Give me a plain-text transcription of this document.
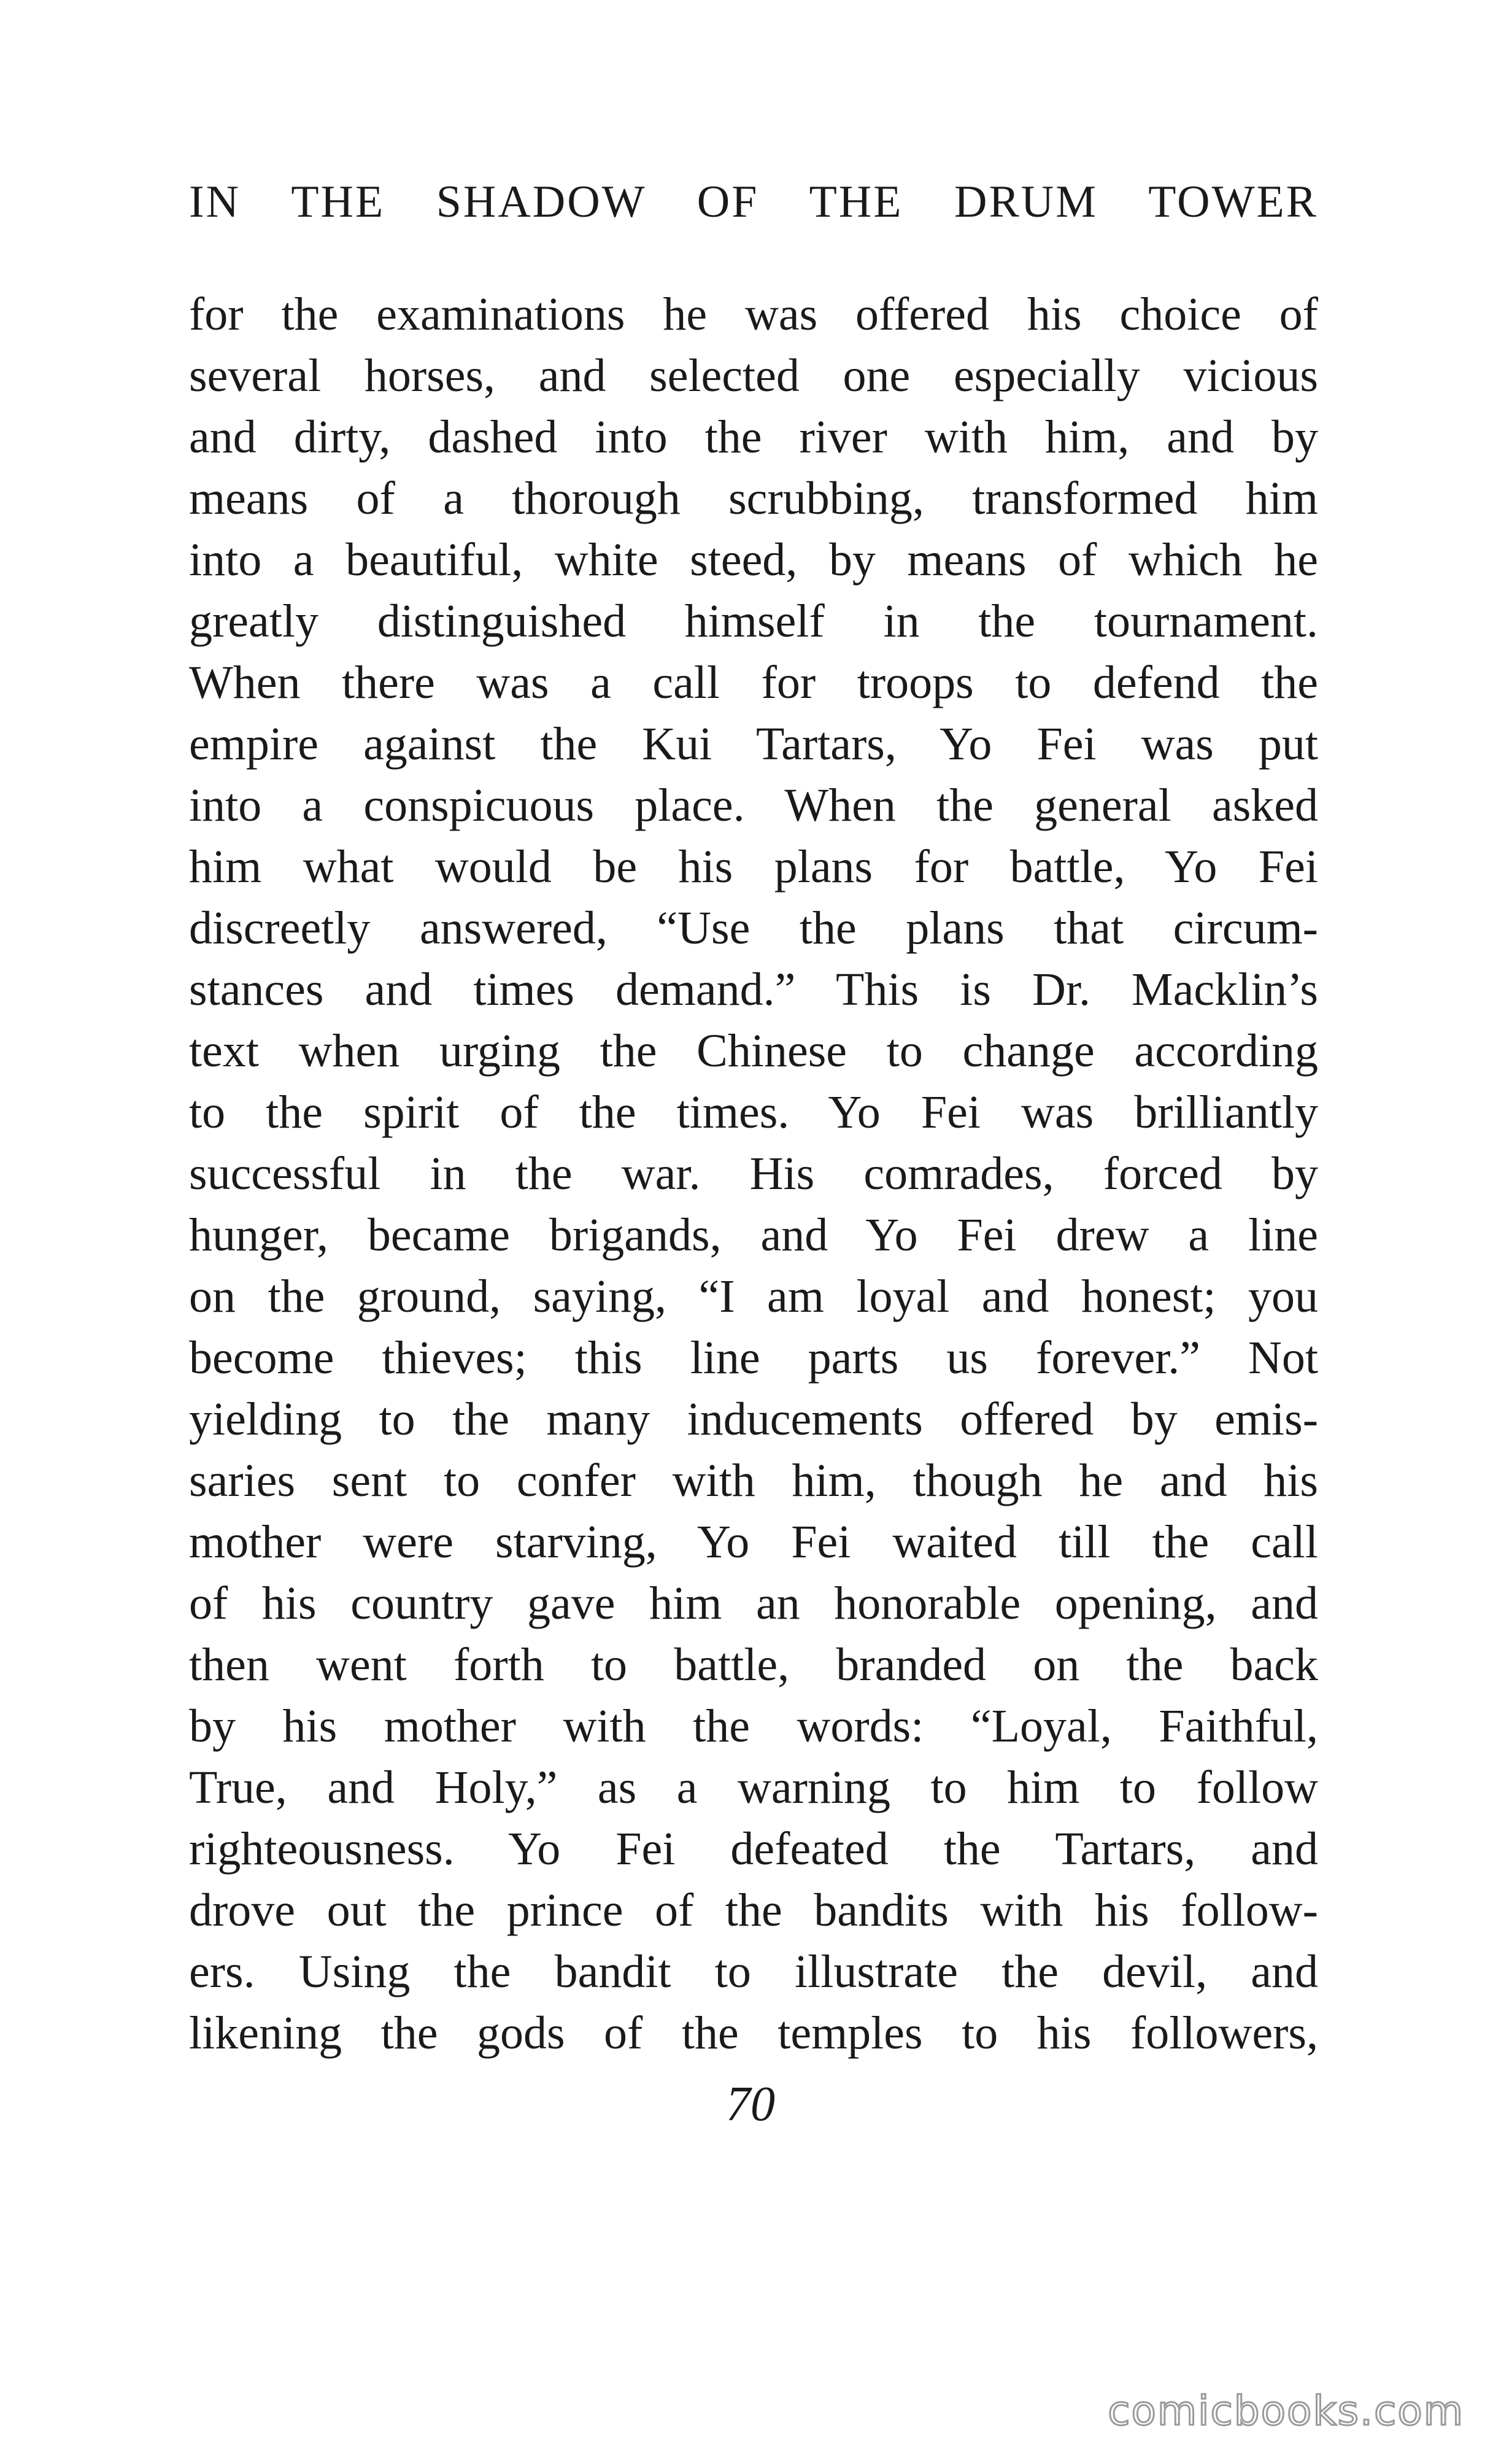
IN THE SHADOW OF THE DRUM TOWER
for the examinations he was offered his choice of
several horses, and selected one especially vicious
and dirty, dashed into the river with him, and by
means of a thorough scrubbing, transformed him
into a beautiful, white steed, by means of which he
greatly distinguished himself in the tournament.
When there was a call for troops to defend the
empire against the Kui Tartars, Yo Fei was put
into a conspicuous place. When the general asked
him what would be his plans for battle, Yo Fei
discreetly answered, “Use the plans that circum-
stances and times demand.” This is Dr. Macklin’s
text when urging the Chinese to change according
to the spirit of the times. Yo Fei was brilliantly
successful in the war. His comrades, forced by
hunger, became brigands, and Yo Fei drew a line
on the ground, saying, “I am loyal and honest; you
become thieves; this line parts us forever.” Not
yielding to the many inducements offered by emis-
saries sent to confer with him, though he and his
mother were starving, Yo Fei waited till the call
of his country gave him an honorable opening, and
then went forth to battle, branded on the back
by his mother with the words: “Loyal, Faithful,
True, and Holy,” as a warning to him to follow
righteousness. Yo Fei defeated the Tartars, and
drove out the prince of the bandits with his follow-
ers. Using the bandit to illustrate the devil, and
likening the gods of the temples to his followers,
70
comicbooks.com
